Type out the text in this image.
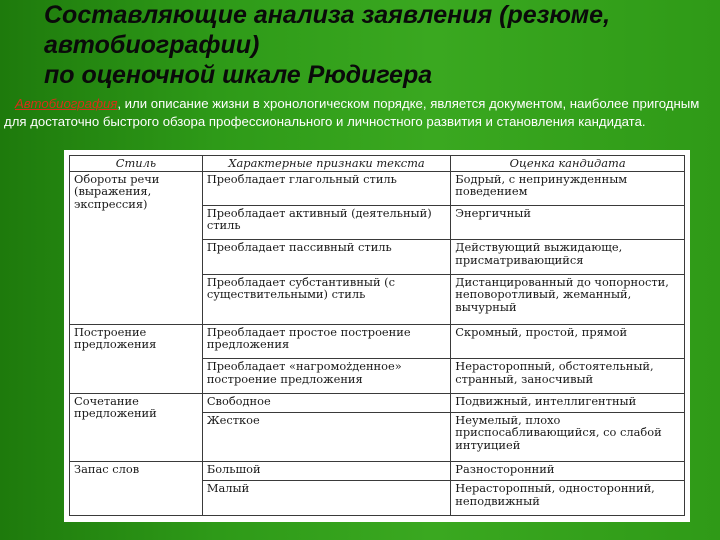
Составляющие анализа заявления (резюме,
автобиографии)
по оценочной шкале Рюдигера
Автобиография, или описание жизни в хронологическом порядке, является документом, наиболее пригодным для достаточно быстрого обзора профессионального и личностного развития и становления кандидата.
Стиль	Характерные признаки текста	Оценка кандидата
Обороты речи (выражения, экспрессия)	Преобладает глагольный стиль	Бодрый, с непринужденным поведением
	Преобладает активный (деятельный) стиль	Энергичный
	Преобладает пассивный стиль	Действующий выжидающе, присматривающийся
	Преобладает субстантивный (с существительными) стиль	Дистанцированный до чопорности, неповоротливый, жеманный, вычурный
Построение предложения	Преобладает простое построение предложения	Скромный, простой, прямой
	Преобладает «нагромożденное» построение предложения	Нерасторопный, обстоятельный, странный, заносчивый
Сочетание предложений	Свободное	Подвижный, интеллигентный
	Жесткое	Неумелый, плохо приспосабливающийся, со слабой интуицией
Запас слов	Большой	Разносторонний
	Малый	Нерасторопный, односторонний, неподвижный
